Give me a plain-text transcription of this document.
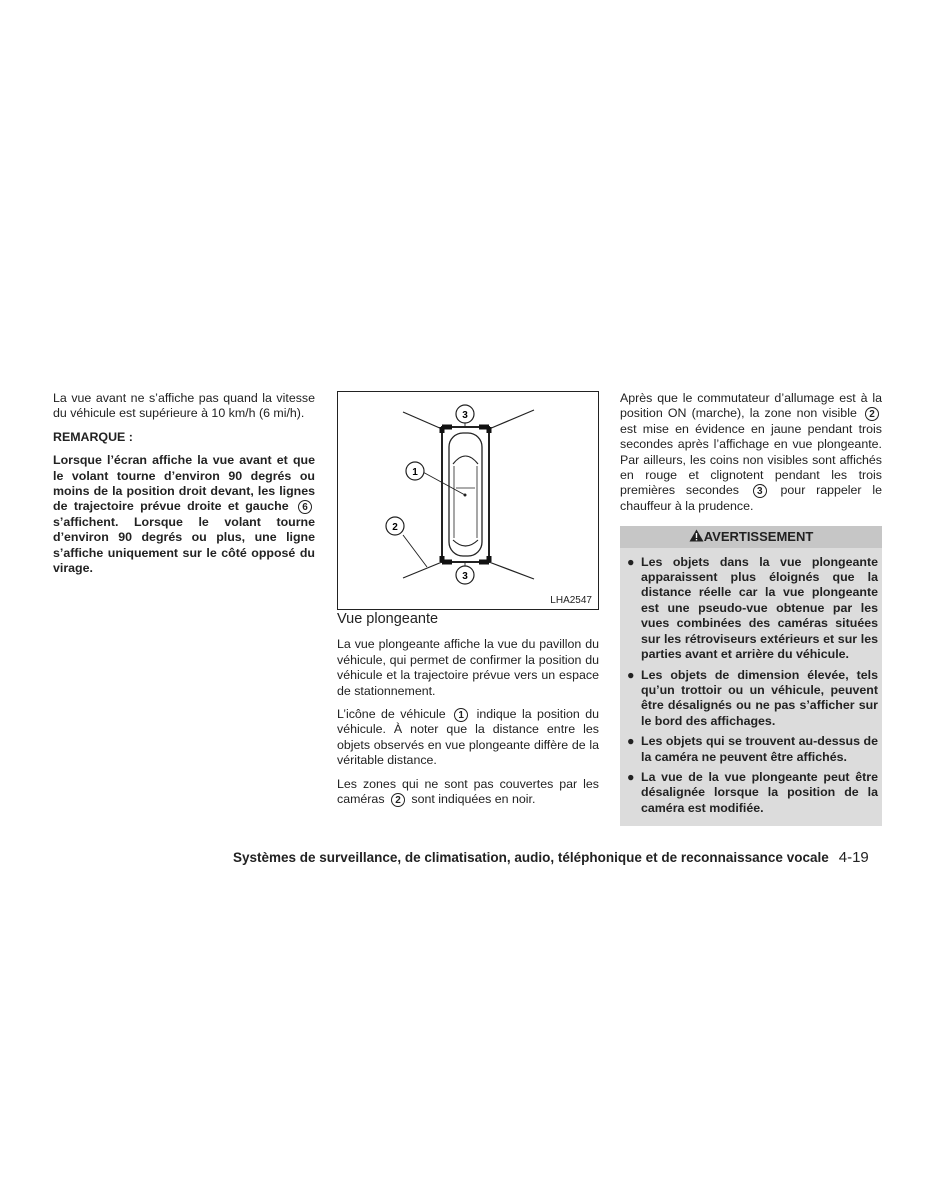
La vue avant ne s’affiche pas quand la vitesse du véhicule est supérieure à 10 km/h (6 mi/h).

REMARQUE :

Lorsque l’écran affiche la vue avant et que le volant tourne d’environ 90 degrés ou moins de la position droit devant, les lignes de trajectoire prévue droite et gauche 6 s’affichent. Lorsque le volant tourne d’environ 90 degrés ou plus, une ligne s’affiche uniquement sur le côté opposé du virage.

1
2
3
3
LHA2547

Vue plongeante

La vue plongeante affiche la vue du pavillon du véhicule, qui permet de confirmer la position du véhicule et la trajectoire prévue vers un espace de stationnement.

L’icône de véhicule 1 indique la position du véhicule. À noter que la distance entre les objets observés en vue plongeante diffère de la véritable distance.

Les zones qui ne sont pas couvertes par les caméras 2 sont indiquées en noir.

Après que le commutateur d’allumage est à la position ON (marche), la zone non visible 2 est mise en évidence en jaune pendant trois secondes après l’affichage en vue plongeante. Par ailleurs, les coins non visibles sont affichés en rouge et clignotent pendant les trois premières secondes 3 pour rappeler le chauffeur à la prudence.

AVERTISSEMENT
● Les objets dans la vue plongeante apparaissent plus éloignés que la distance réelle car la vue plongeante est une pseudo-vue obtenue par les vues combinées des caméras situées sur les rétroviseurs extérieurs et sur les parties avant et arrière du véhicule.
● Les objets de dimension élevée, tels qu’un trottoir ou un véhicule, peuvent être désalignés ou ne pas s’afficher sur le bord des affichages.
● Les objets qui se trouvent au-dessus de la caméra ne peuvent être affichés.
● La vue de la vue plongeante peut être désalignée lorsque la position de la caméra est modifiée.
Systèmes de surveillance, de climatisation, audio, téléphonique et de reconnaissance vocale 4-19
